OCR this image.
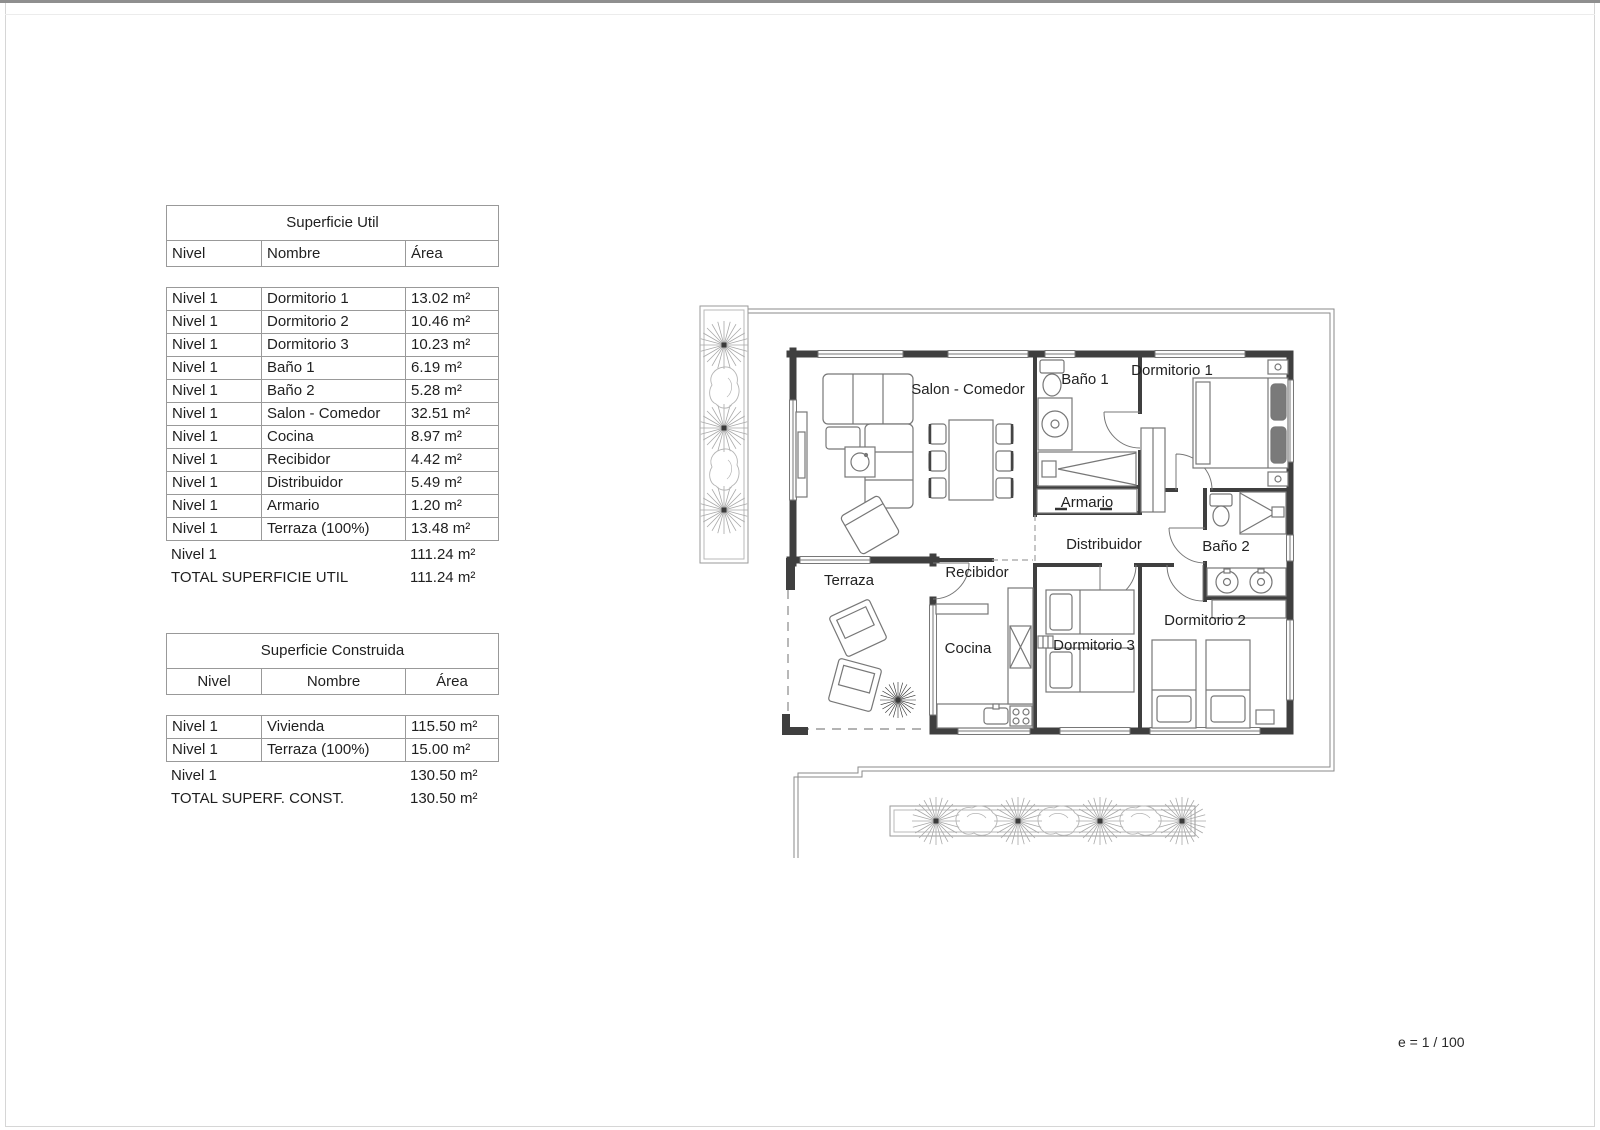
Superficie Util
Nivel	Nombre	Área
Nivel 1	Dormitorio 1	13.02 m²
Nivel 1	Dormitorio 2	10.46 m²
Nivel 1	Dormitorio 3	10.23 m²
Nivel 1	Baño 1	6.19 m²
Nivel 1	Baño 2	5.28 m²
Nivel 1	Salon - Comedor	32.51 m²
Nivel 1	Cocina	8.97 m²
Nivel 1	Recibidor	4.42 m²
Nivel 1	Distribuidor	5.49 m²
Nivel 1	Armario	1.20 m²
Nivel 1	Terraza (100%)	13.48 m²
Nivel 1	111.24 m²
TOTAL SUPERFICIE UTIL	111.24 m²
Superficie Construida
Nivel	Nombre	Área
Nivel 1	Vivienda	115.50 m²
Nivel 1	Terraza (100%)	15.00 m²
Nivel 1	130.50 m²
TOTAL SUPERF. CONST.	130.50 m²
Salon - Comedor
Baño 1
Dormitorio 1
Armario
Distribuidor	Baño 2
Terraza	Recibidor
Cocina	Dormitorio 3
Dormitorio 2
e = 1 / 100
